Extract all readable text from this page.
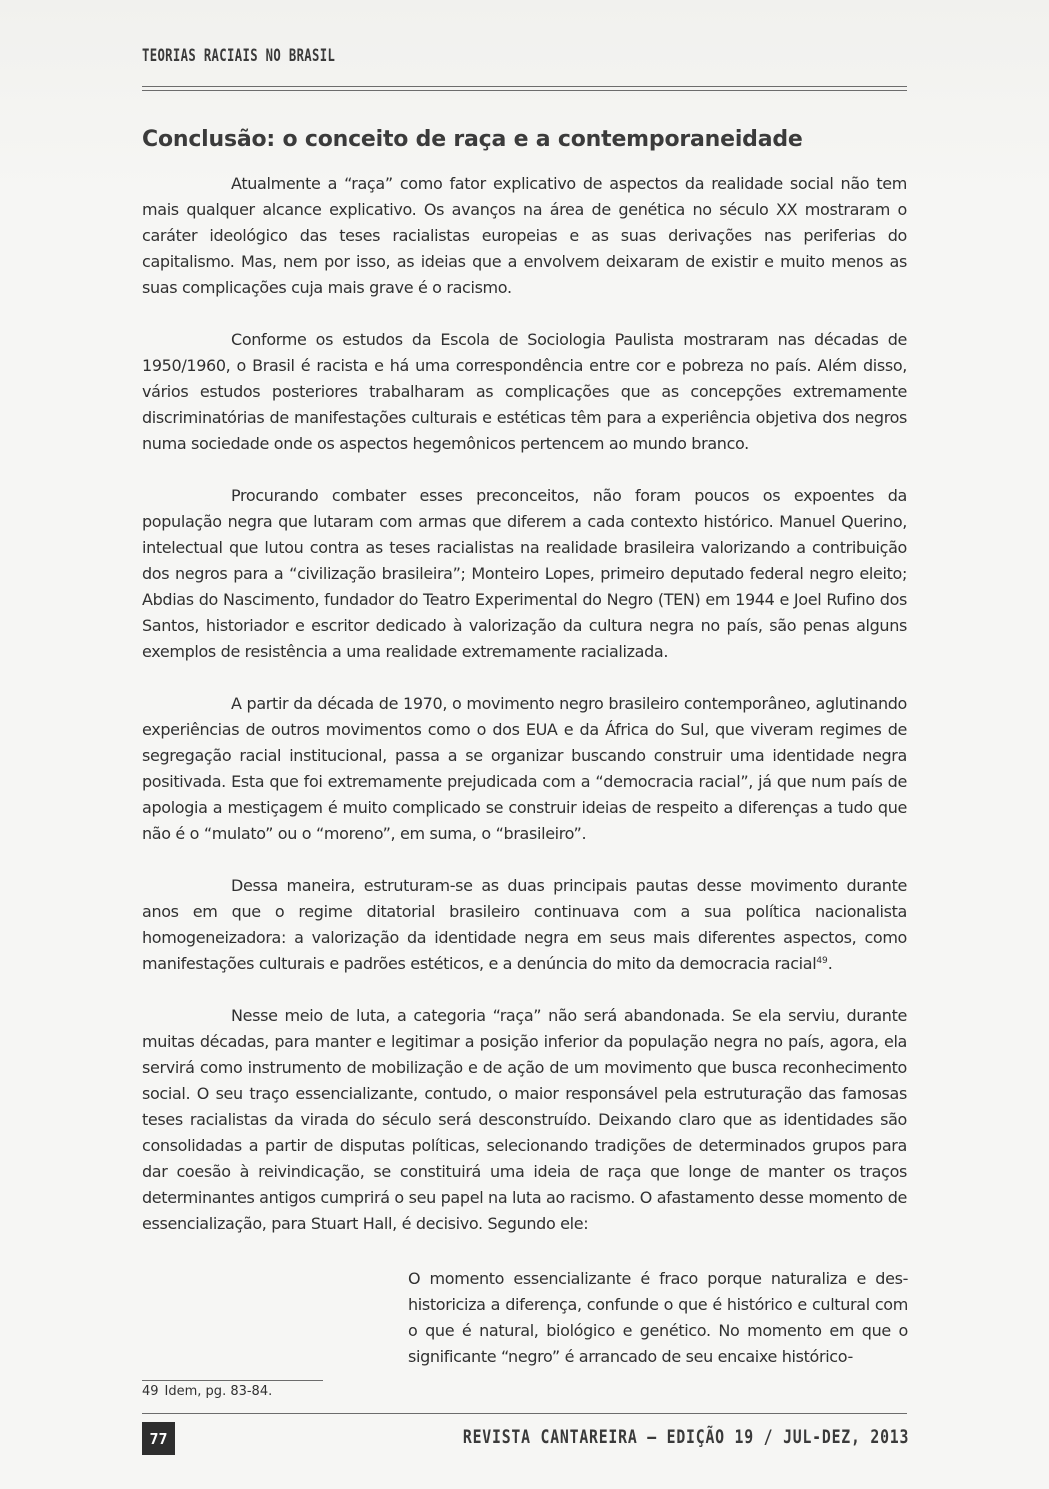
TEORIAS RACIAIS NO BRASIL
Conclusão: o conceito de raça e a contemporaneidade

Atualmente a “raça” como fator explicativo de aspectos da realidade social não tem mais qualquer alcance explicativo. Os avanços na área de genética no século XX mostraram o caráter ideológico das teses racialistas europeias e as suas derivações nas periferias do capitalismo. Mas, nem por isso, as ideias que a envolvem deixaram de existir e muito menos as suas complicações cuja mais grave é o racismo.

Conforme os estudos da Escola de Sociologia Paulista mostraram nas décadas de 1950/1960, o Brasil é racista e há uma correspondência entre cor e pobreza no país. Além disso, vários estudos posteriores trabalharam as complicações que as concepções extremamente discriminatórias de manifestações culturais e estéticas têm para a experiência objetiva dos negros numa sociedade onde os aspectos hegemônicos pertencem ao mundo branco.

Procurando combater esses preconceitos, não foram poucos os expoentes da população negra que lutaram com armas que diferem a cada contexto histórico. Manuel Querino, intelectual que lutou contra as teses racialistas na realidade brasileira valorizando a contribuição dos negros para a “civilização brasileira”; Monteiro Lopes, primeiro deputado federal negro eleito; Abdias do Nascimento, fundador do Teatro Experimental do Negro (TEN) em 1944 e Joel Rufino dos Santos, historiador e escritor dedicado à valorização da cultura negra no país, são penas alguns exemplos de resistência a uma realidade extremamente racializada.

A partir da década de 1970, o movimento negro brasileiro contemporâneo, aglutinando experiências de outros movimentos como o dos EUA e da África do Sul, que viveram regimes de segregação racial institucional, passa a se organizar buscando construir uma identidade negra positivada. Esta que foi extremamente prejudicada com a “democracia racial”, já que num país de apologia a mestiçagem é muito complicado se construir ideias de respeito a diferenças a tudo que não é o “mulato” ou o “moreno”, em suma, o “brasileiro”.

Dessa maneira, estruturam-se as duas principais pautas desse movimento durante anos em que o regime ditatorial brasileiro continuava com a sua política nacionalista homogeneizadora: a valorização da identidade negra em seus mais diferentes aspectos, como manifestações culturais e padrões estéticos, e a denúncia do mito da democracia racial$^{49}$.

Nesse meio de luta, a categoria “raça” não será abandonada. Se ela serviu, durante muitas décadas, para manter e legitimar a posição inferior da população negra no país, agora, ela servirá como instrumento de mobilização e de ação de um movimento que busca reconhecimento social. O seu traço essencializante, contudo, o maior responsável pela estruturação das famosas teses racialistas da virada do século será desconstruído. Deixando claro que as identidades são consolidadas a partir de disputas políticas, selecionando tradições de determinados grupos para dar coesão à reivindicação, se constituirá uma ideia de raça que longe de manter os traços determinantes antigos cumprirá o seu papel na luta ao racismo. O afastamento desse momento de essencialização, para Stuart Hall, é decisivo. Segundo ele:

O momento essencializante é fraco porque naturaliza e des-historiciza a diferença, confunde o que é histórico e cultural com o que é natural, biológico e genético. No momento em que o significante “negro” é arrancado de seu encaixe histórico-

49 Idem, pg. 83-84.
77	REVISTA CANTAREIRA – EDIÇÃO 19 / JUL-DEZ, 2013
